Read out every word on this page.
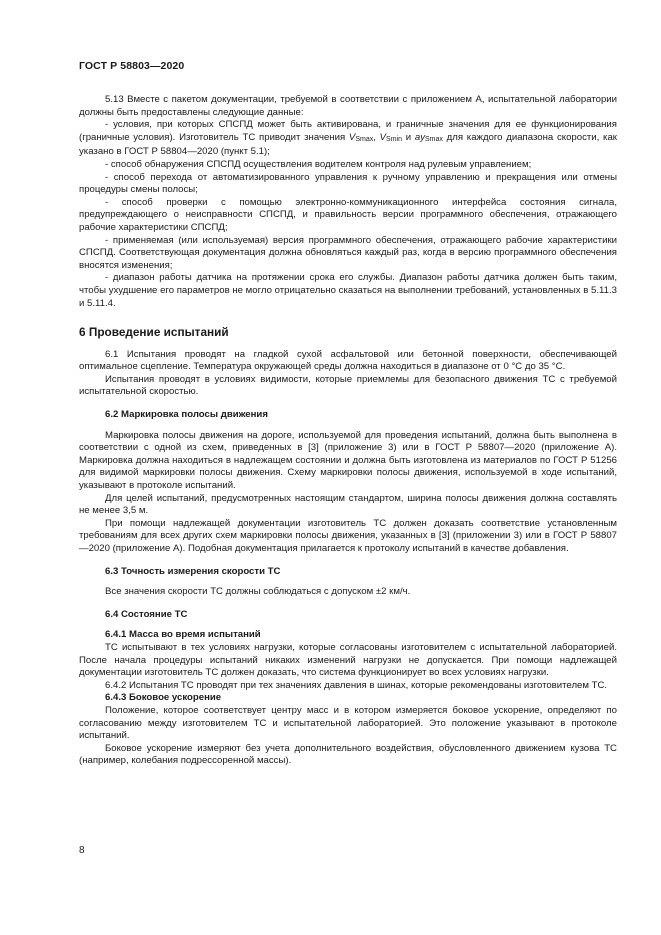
ГОСТ Р 58803—2020

5.13 Вместе с пакетом документации, требуемой в соответствии с приложением А, испытательной лаборатории должны быть предоставлены следующие данные:

- условия, при которых СПСПД может быть активирована, и граничные значения для ее функционирования (граничные условия). Изготовитель ТС приводит значения $V_{Smax}$, $V_{Smin}$ и $ay_{Smax}$ для каждого диапазона скорости, как указано в ГОСТ Р 58804—2020 (пункт 5.1);

- способ обнаружения СПСПД осуществления водителем контроля над рулевым управлением;

- способ перехода от автоматизированного управления к ручному управлению и прекращения или отмены процедуры смены полосы;

- способ проверки с помощью электронно-коммуникационного интерфейса состояния сигнала, предупреждающего о неисправности СПСПД, и правильность версии программного обеспечения, отражающего рабочие характеристики СПСПД;

- применяемая (или используемая) версия программного обеспечения, отражающего рабочие характеристики СПСПД. Соответствующая документация должна обновляться каждый раз, когда в версию программного обеспечения вносятся изменения;

- диапазон работы датчика на протяжении срока его службы. Диапазон работы датчика должен быть таким, чтобы ухудшение его параметров не могло отрицательно сказаться на выполнении требований, установленных в 5.11.3 и 5.11.4.

6 Проведение испытаний

6.1 Испытания проводят на гладкой сухой асфальтовой или бетонной поверхности, обеспечивающей оптимальное сцепление. Температура окружающей среды должна находиться в диапазоне от 0 °С до 35 °С.

Испытания проводят в условиях видимости, которые приемлемы для безопасного движения ТС с требуемой испытательной скоростью.

6.2 Маркировка полосы движения

Маркировка полосы движения на дороге, используемой для проведения испытаний, должна быть выполнена в соответствии с одной из схем, приведенных в [3] (приложение 3) или в ГОСТ Р 58807—2020 (приложение А). Маркировка должна находиться в надлежащем состоянии и должна быть изготовлена из материалов по ГОСТ Р 51256 для видимой маркировки полосы движения. Схему маркировки полосы движения, используемой в ходе испытаний, указывают в протоколе испытаний.

Для целей испытаний, предусмотренных настоящим стандартом, ширина полосы движения должна составлять не менее 3,5 м.

При помощи надлежащей документации изготовитель ТС должен доказать соответствие установленным требованиям для всех других схем маркировки полосы движения, указанных в [3] (приложении 3) или в ГОСТ Р 58807—2020 (приложение А). Подобная документация прилагается к протоколу испытаний в качестве добавления.

6.3 Точность измерения скорости ТС

Все значения скорости ТС должны соблюдаться с допуском ±2 км/ч.

6.4 Состояние ТС

6.4.1 Масса во время испытаний

ТС испытывают в тех условиях нагрузки, которые согласованы изготовителем с испытательной лабораторией. После начала процедуры испытаний никаких изменений нагрузки не допускается. При помощи надлежащей документации изготовитель ТС должен доказать, что система функционирует во всех условиях нагрузки.

6.4.2 Испытания ТС проводят при тех значениях давления в шинах, которые рекомендованы изготовителем ТС.

6.4.3 Боковое ускорение

Положение, которое соответствует центру масс и в котором измеряется боковое ускорение, определяют по согласованию между изготовителем ТС и испытательной лабораторией. Это положение указывают в протоколе испытаний.

Боковое ускорение измеряют без учета дополнительного воздействия, обусловленного движением кузова ТС (например, колебания подрессоренной массы).

8
